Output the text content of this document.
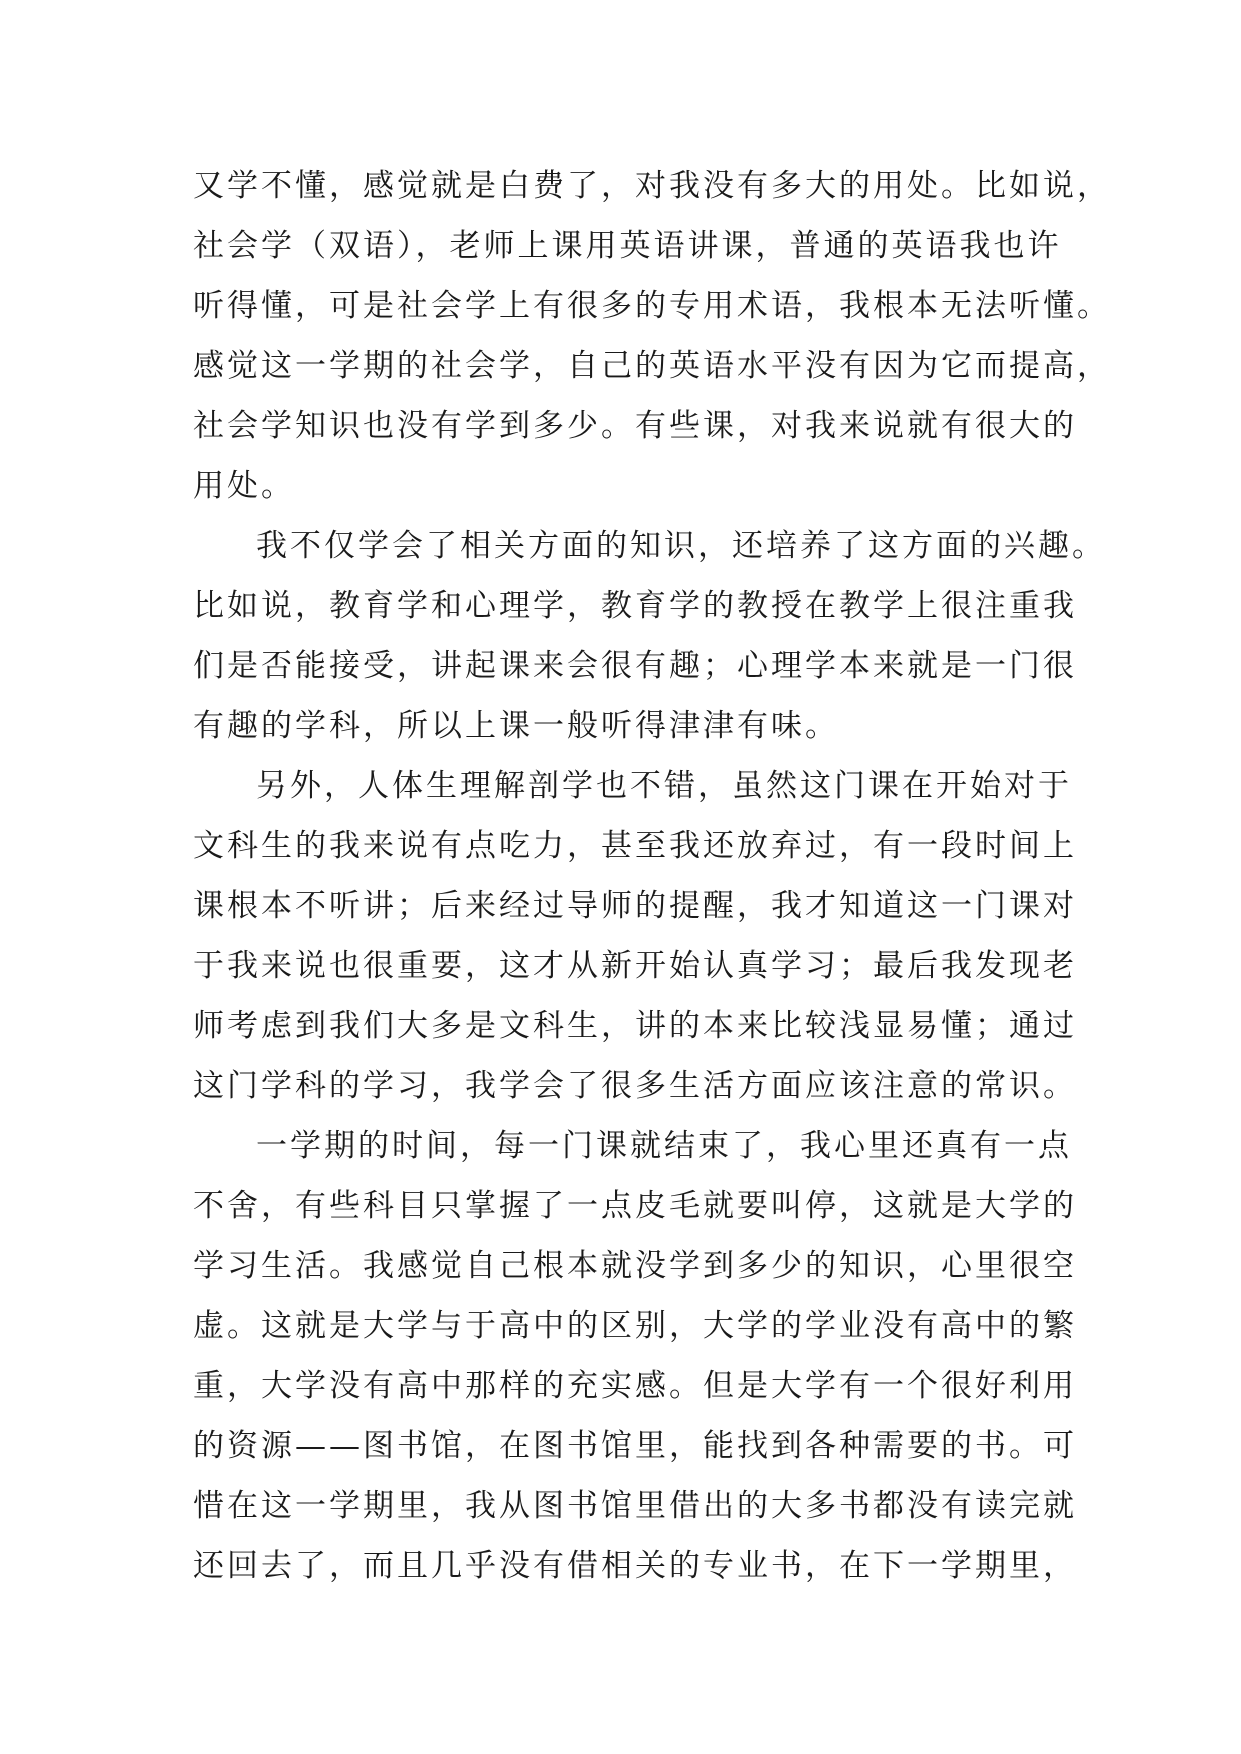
又学不懂，感觉就是白费了，对我没有多大的用处。比如说，
社会学（双语），老师上课用英语讲课，普通的英语我也许
听得懂，可是社会学上有很多的专用术语，我根本无法听懂。
感觉这一学期的社会学，自己的英语水平没有因为它而提高，
社会学知识也没有学到多少。有些课，对我来说就有很大的
用处。
我不仅学会了相关方面的知识，还培养了这方面的兴趣。
比如说，教育学和心理学，教育学的教授在教学上很注重我
们是否能接受，讲起课来会很有趣；心理学本来就是一门很
有趣的学科，所以上课一般听得津津有味。
另外，人体生理解剖学也不错，虽然这门课在开始对于
文科生的我来说有点吃力，甚至我还放弃过，有一段时间上
课根本不听讲；后来经过导师的提醒，我才知道这一门课对
于我来说也很重要，这才从新开始认真学习；最后我发现老
师考虑到我们大多是文科生，讲的本来比较浅显易懂；通过
这门学科的学习，我学会了很多生活方面应该注意的常识。
一学期的时间，每一门课就结束了，我心里还真有一点
不舍，有些科目只掌握了一点皮毛就要叫停，这就是大学的
学习生活。我感觉自己根本就没学到多少的知识，心里很空
虚。这就是大学与于高中的区别，大学的学业没有高中的繁
重，大学没有高中那样的充实感。但是大学有一个很好利用
的资源——图书馆，在图书馆里，能找到各种需要的书。可
惜在这一学期里，我从图书馆里借出的大多书都没有读完就
还回去了，而且几乎没有借相关的专业书，在下一学期里，
